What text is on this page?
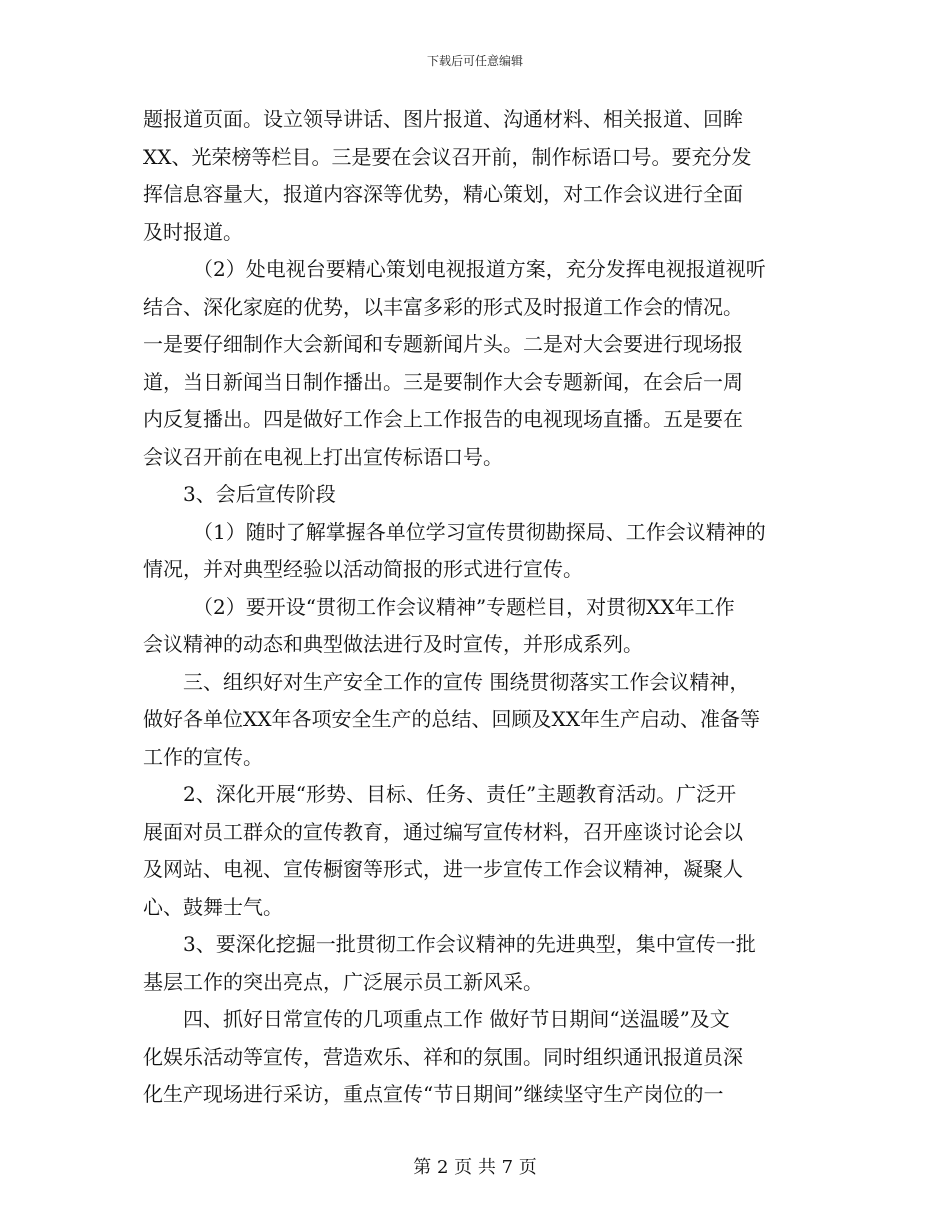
下载后可任意编辑
题报道页面。设立领导讲话、图片报道、沟通材料、相关报道、回眸
XX、光荣榜等栏目。三是要在会议召开前，制作标语口号。要充分发
挥信息容量大，报道内容深等优势，精心策划，对工作会议进行全面
及时报道。
（2）处电视台要精心策划电视报道方案，充分发挥电视报道视听
结合、深化家庭的优势，以丰富多彩的形式及时报道工作会的情况。
一是要仔细制作大会新闻和专题新闻片头。二是对大会要进行现场报
道，当日新闻当日制作播出。三是要制作大会专题新闻，在会后一周
内反复播出。四是做好工作会上工作报告的电视现场直播。五是要在
会议召开前在电视上打出宣传标语口号。
3、会后宣传阶段
（1）随时了解掌握各单位学习宣传贯彻勘探局、工作会议精神的
情况，并对典型经验以活动简报的形式进行宣传。
（2）要开设“贯彻工作会议精神”专题栏目，对贯彻XX年工作
会议精神的动态和典型做法进行及时宣传，并形成系列。
三、组织好对生产安全工作的宣传 围绕贯彻落实工作会议精神，
做好各单位XX年各项安全生产的总结、回顾及XX年生产启动、准备等
工作的宣传。
2、深化开展“形势、目标、任务、责任”主题教育活动。广泛开
展面对员工群众的宣传教育，通过编写宣传材料，召开座谈讨论会以
及网站、电视、宣传橱窗等形式，进一步宣传工作会议精神，凝聚人
心、鼓舞士气。
3、要深化挖掘一批贯彻工作会议精神的先进典型，集中宣传一批
基层工作的突出亮点，广泛展示员工新风采。
四、抓好日常宣传的几项重点工作 做好节日期间“送温暖”及文
化娱乐活动等宣传，营造欢乐、祥和的氛围。同时组织通讯报道员深
化生产现场进行采访，重点宣传“节日期间”继续坚守生产岗位的一
第 2 页 共 7 页
